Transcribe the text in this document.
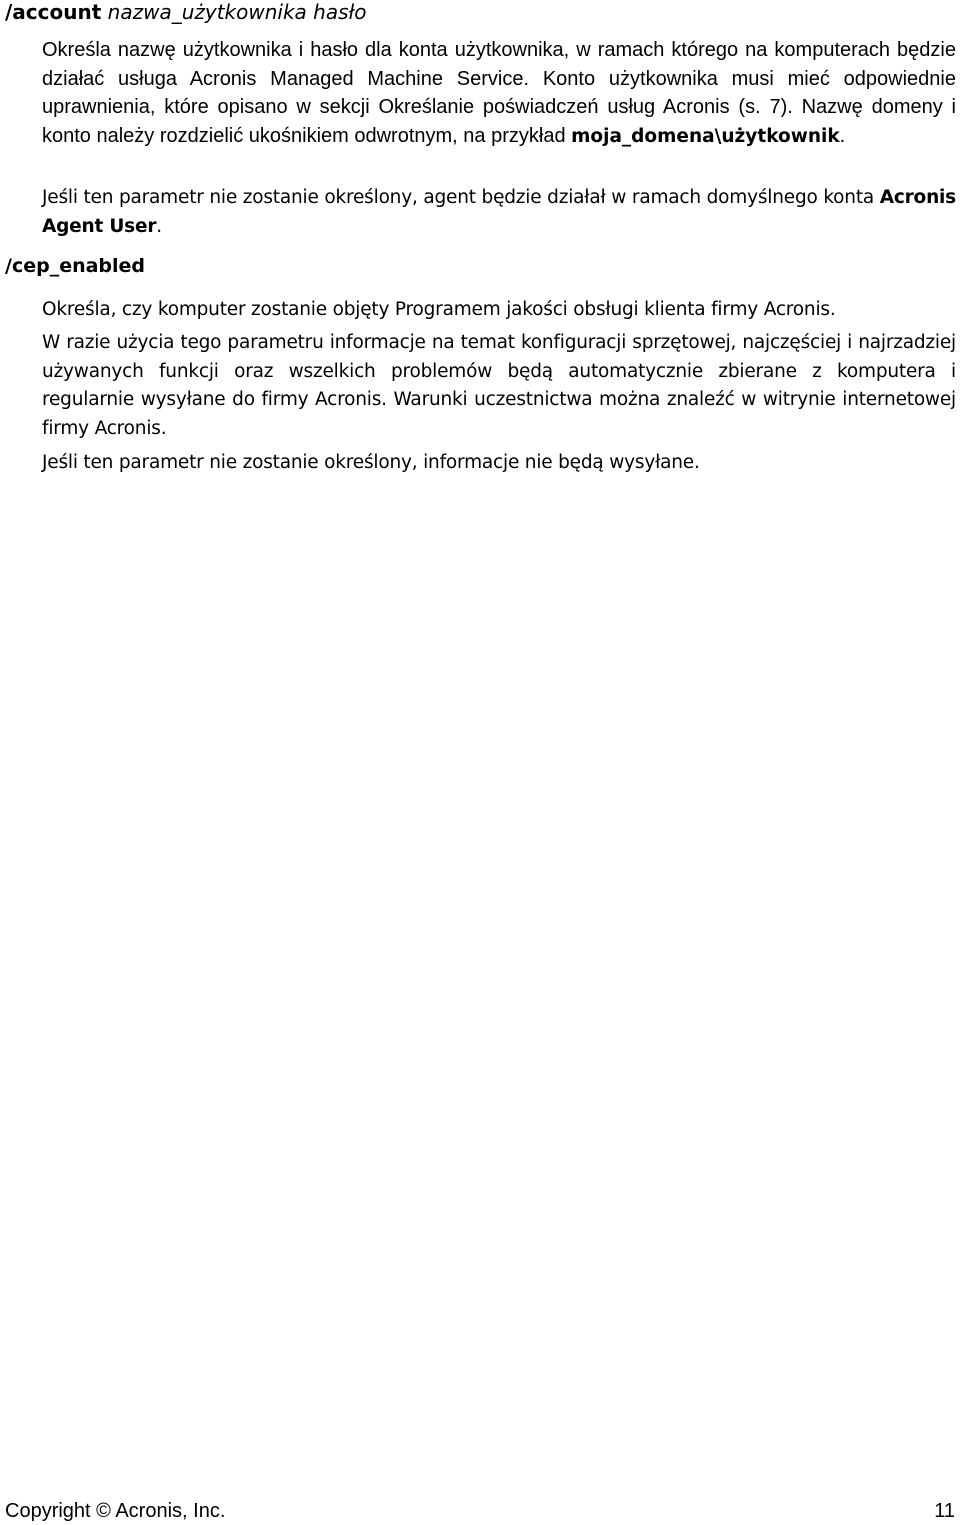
/account nazwa_użytkownika hasło

Określa nazwę użytkownika i hasło dla konta użytkownika, w ramach którego na komputerach będzie działać usługa Acronis Managed Machine Service. Konto użytkownika musi mieć odpowiednie uprawnienia, które opisano w sekcji Określanie poświadczeń usług Acronis (s. 7). Nazwę domeny i konto należy rozdzielić ukośnikiem odwrotnym, na przykład moja_domena\użytkownik.

Jeśli ten parametr nie zostanie określony, agent będzie działał w ramach domyślnego konta Acronis Agent User.

/cep_enabled

Określa, czy komputer zostanie objęty Programem jakości obsługi klienta firmy Acronis.

W razie użycia tego parametru informacje na temat konfiguracji sprzętowej, najczęściej i najrzadziej używanych funkcji oraz wszelkich problemów będą automatycznie zbierane z komputera i regularnie wysyłane do firmy Acronis. Warunki uczestnictwa można znaleźć w witrynie internetowej firmy Acronis.

Jeśli ten parametr nie zostanie określony, informacje nie będą wysyłane.

Copyright © Acronis, Inc.	11
